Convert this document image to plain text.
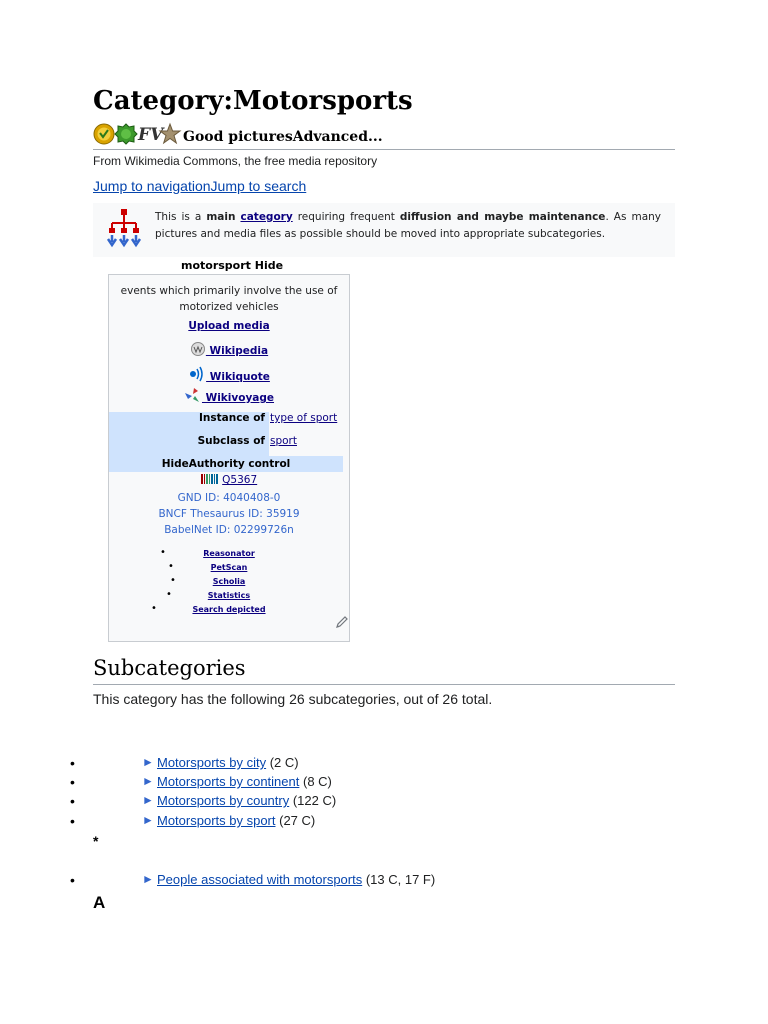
Category:Motorsports
FV Good picturesAdvanced...
From Wikimedia Commons, the free media repository
Jump to navigationJump to search
This is a main category requiring frequent diffusion and maybe maintenance. As many pictures and media files as possible should be moved into appropriate subcategories.
motorsport Hide
events which primarily involve the use of motorized vehicles
Upload media
Wikipedia
Wikiquote
Wikivoyage
Instance of type of sport
Subclass of sport
HideAuthority control
Q5367
GND ID: 4040408-0
BNCF Thesaurus ID: 35919
BabelNet ID: 02299726n
•	Reasonator
•	PetScan
•	Scholia
•	Statistics
•	Search depicted
Subcategories
This category has the following 26 subcategories, out of 26 total.
•	► Motorsports by city (2 C)
•	► Motorsports by continent (8 C)
•	► Motorsports by country (122 C)
•	► Motorsports by sport (27 C)
*
•	► People associated with motorsports (13 C, 17 F)
A
